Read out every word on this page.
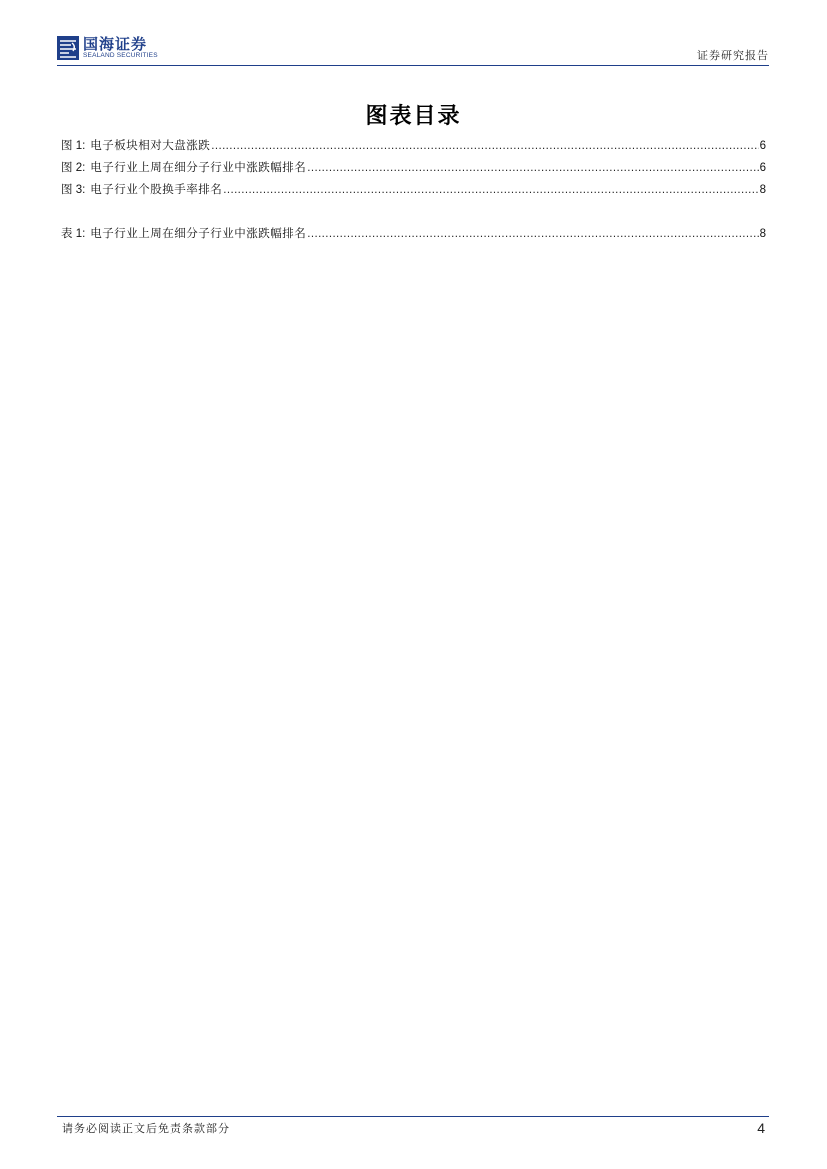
国海证券
SEALAND SECURITIES	证券研究报告
图表目录
图 1: 电子板块相对大盘涨跌 .....	6
图 2: 电子行业上周在细分子行业中涨跌幅排名 .....	6
图 3: 电子行业个股换手率排名 .....	8
表 1: 电子行业上周在细分子行业中涨跌幅排名 .....	8
请务必阅读正文后免责条款部分	4
